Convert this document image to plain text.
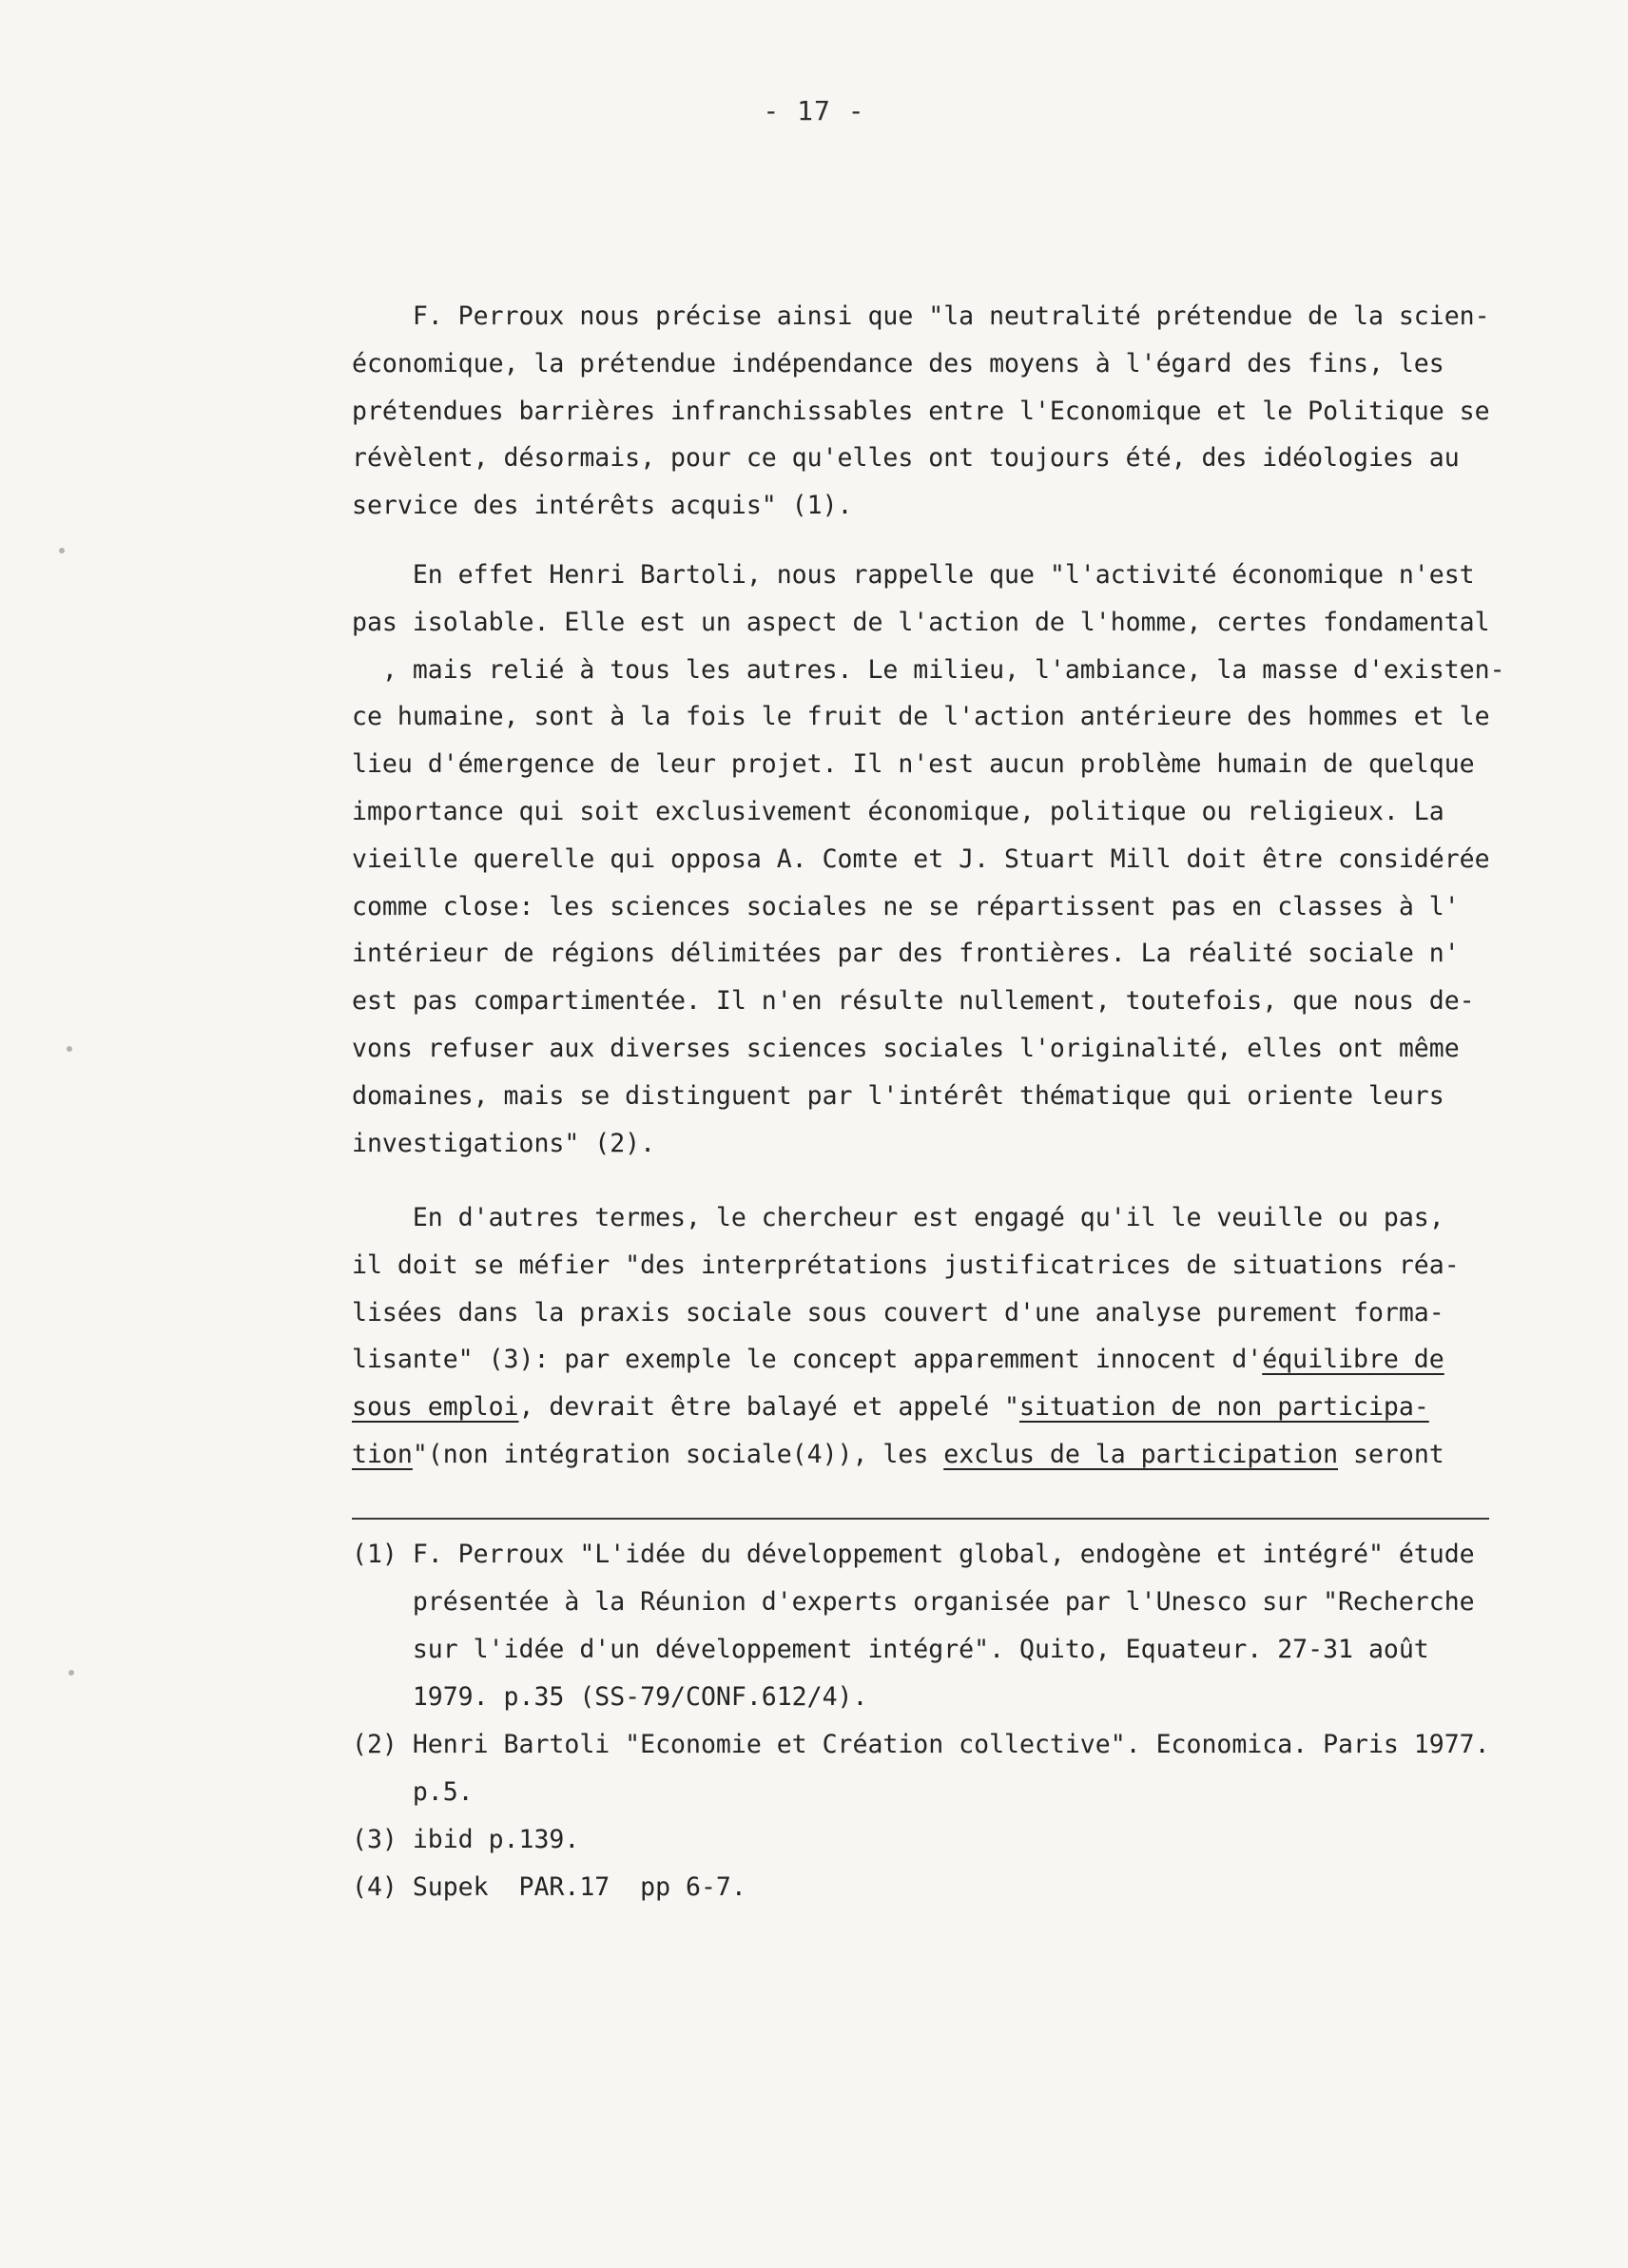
- 17 -
F. Perroux nous précise ainsi que "la neutralité prétendue de la scien-
économique, la prétendue indépendance des moyens à l'égard des fins, les
prétendues barrières infranchissables entre l'Economique et le Politique se
révèlent, désormais, pour ce qu'elles ont toujours été, des idéologies au
service des intérêts acquis" (1).
En effet Henri Bartoli, nous rappelle que "l'activité économique n'est
pas isolable. Elle est un aspect de l'action de l'homme, certes fondamental
, mais relié à tous les autres. Le milieu, l'ambiance, la masse d'existen-
ce humaine, sont à la fois le fruit de l'action antérieure des hommes et le
lieu d'émergence de leur projet. Il n'est aucun problème humain de quelque
importance qui soit exclusivement économique, politique ou religieux. La
vieille querelle qui opposa A. Comte et J. Stuart Mill doit être considérée
comme close: les sciences sociales ne se répartissent pas en classes à l'
intérieur de régions délimitées par des frontières. La réalité sociale n'
est pas compartimentée. Il n'en résulte nullement, toutefois, que nous de-
vons refuser aux diverses sciences sociales l'originalité, elles ont même
domaines, mais se distinguent par l'intérêt thématique qui oriente leurs
investigations" (2).
En d'autres termes, le chercheur est engagé qu'il le veuille ou pas,
il doit se méfier "des interprétations justificatrices de situations réa-
lisées dans la praxis sociale sous couvert d'une analyse purement forma-
lisante" (3): par exemple le concept apparemment innocent d'équilibre de
sous emploi, devrait être balayé et appelé "situation de non participa-
tion"(non intégration sociale(4)), les exclus de la participation seront
(1) F. Perroux "L'idée du développement global, endogène et intégré" étude
présentée à la Réunion d'experts organisée par l'Unesco sur "Recherche
sur l'idée d'un développement intégré". Quito, Equateur. 27-31 août
1979. p.35 (SS-79/CONF.612/4).
(2) Henri Bartoli "Economie et Création collective". Economica. Paris 1977.
p.5.
(3) ibid p.139.
(4) Supek  PAR.17  pp 6-7.
